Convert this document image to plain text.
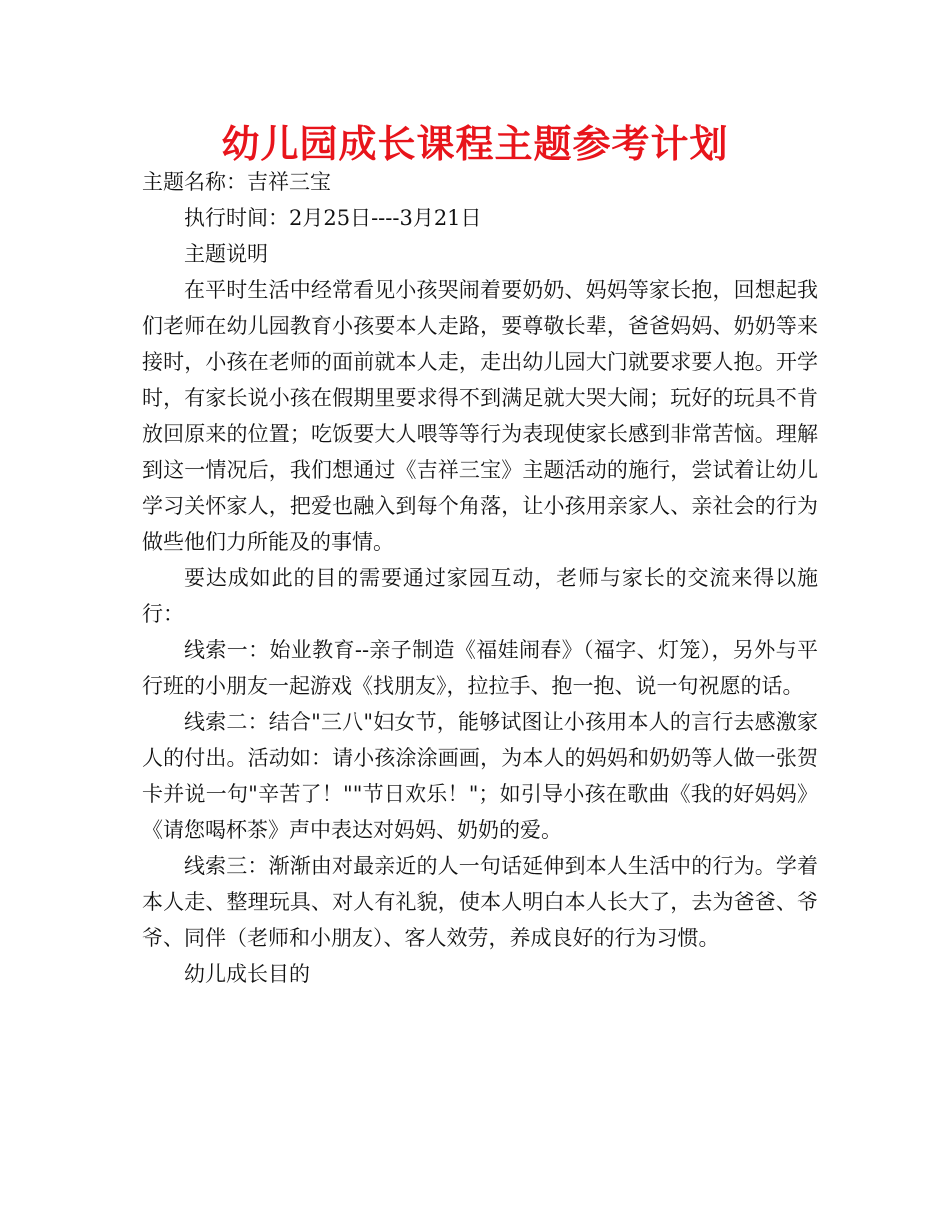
幼儿园成长课程主题参考计划

主题名称：吉祥三宝

执行时间：2月25日----3月21日

主题说明

在平时生活中经常看见小孩哭闹着要奶奶、妈妈等家长抱，回想起我们老师在幼儿园教育小孩要本人走路，要尊敬长辈，爸爸妈妈、奶奶等来接时，小孩在老师的面前就本人走，走出幼儿园大门就要求要人抱。开学时，有家长说小孩在假期里要求得不到满足就大哭大闹；玩好的玩具不肯放回原来的位置；吃饭要大人喂等等行为表现使家长感到非常苦恼。理解到这一情况后，我们想通过《吉祥三宝》主题活动的施行，尝试着让幼儿学习关怀家人，把爱也融入到每个角落，让小孩用亲家人、亲社会的行为做些他们力所能及的事情。

要达成如此的目的需要通过家园互动，老师与家长的交流来得以施行：

线索一：始业教育--亲子制造《福娃闹春》（福字、灯笼），另外与平行班的小朋友一起游戏《找朋友》，拉拉手、抱一抱、说一句祝愿的话。

线索二：结合"三八"妇女节，能够试图让小孩用本人的言行去感激家人的付出。活动如：请小孩涂涂画画，为本人的妈妈和奶奶等人做一张贺卡并说一句"辛苦了！""节日欢乐！"；如引导小孩在歌曲《我的好妈妈》《请您喝杯茶》声中表达对妈妈、奶奶的爱。

线索三：渐渐由对最亲近的人一句话延伸到本人生活中的行为。学着本人走、整理玩具、对人有礼貌，使本人明白本人长大了，去为爸爸、爷爷、同伴（老师和小朋友）、客人效劳，养成良好的行为习惯。

幼儿成长目的
